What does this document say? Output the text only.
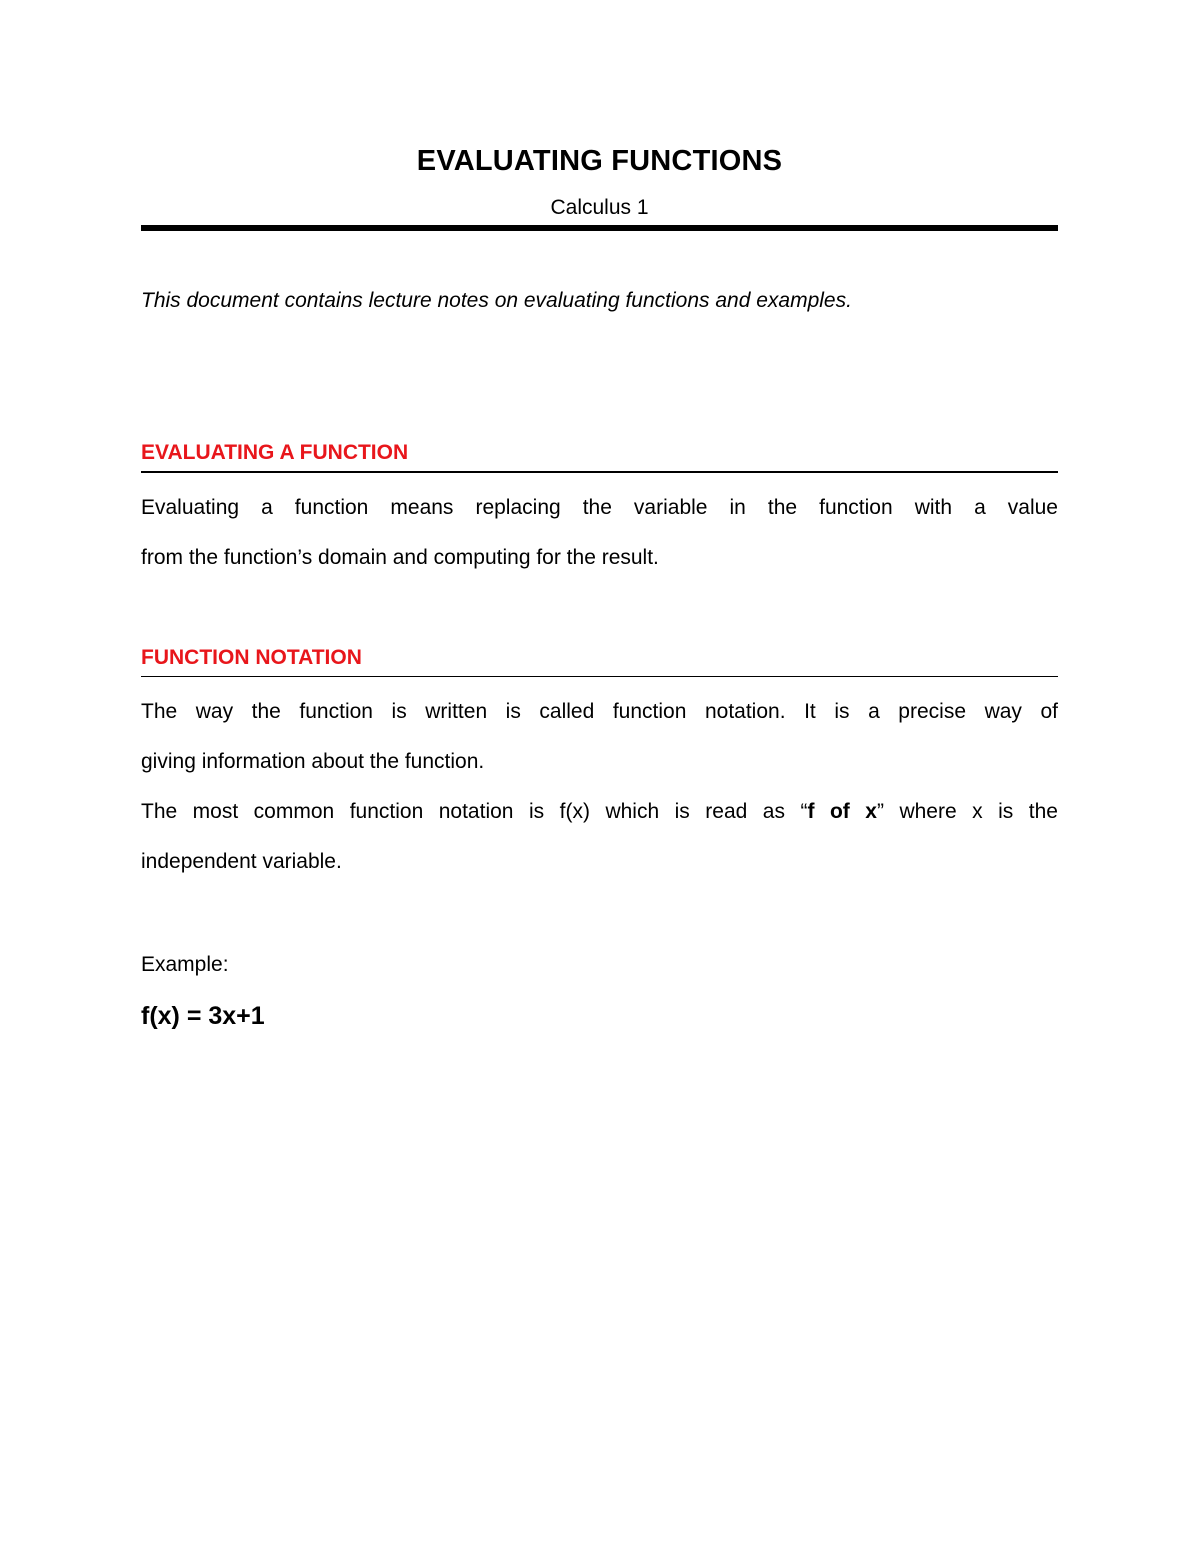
EVALUATING FUNCTIONS
Calculus 1
This document contains lecture notes on evaluating functions and examples.
EVALUATING A FUNCTION
Evaluating a function means replacing the variable in the function with a value
from the function’s domain and computing for the result.
FUNCTION NOTATION
The way the function is written is called function notation. It is a precise way of
giving information about the function.
The most common function notation is f(x) which is read as “f of x” where x is the
independent variable.
Example:
f(x) = 3x+1
